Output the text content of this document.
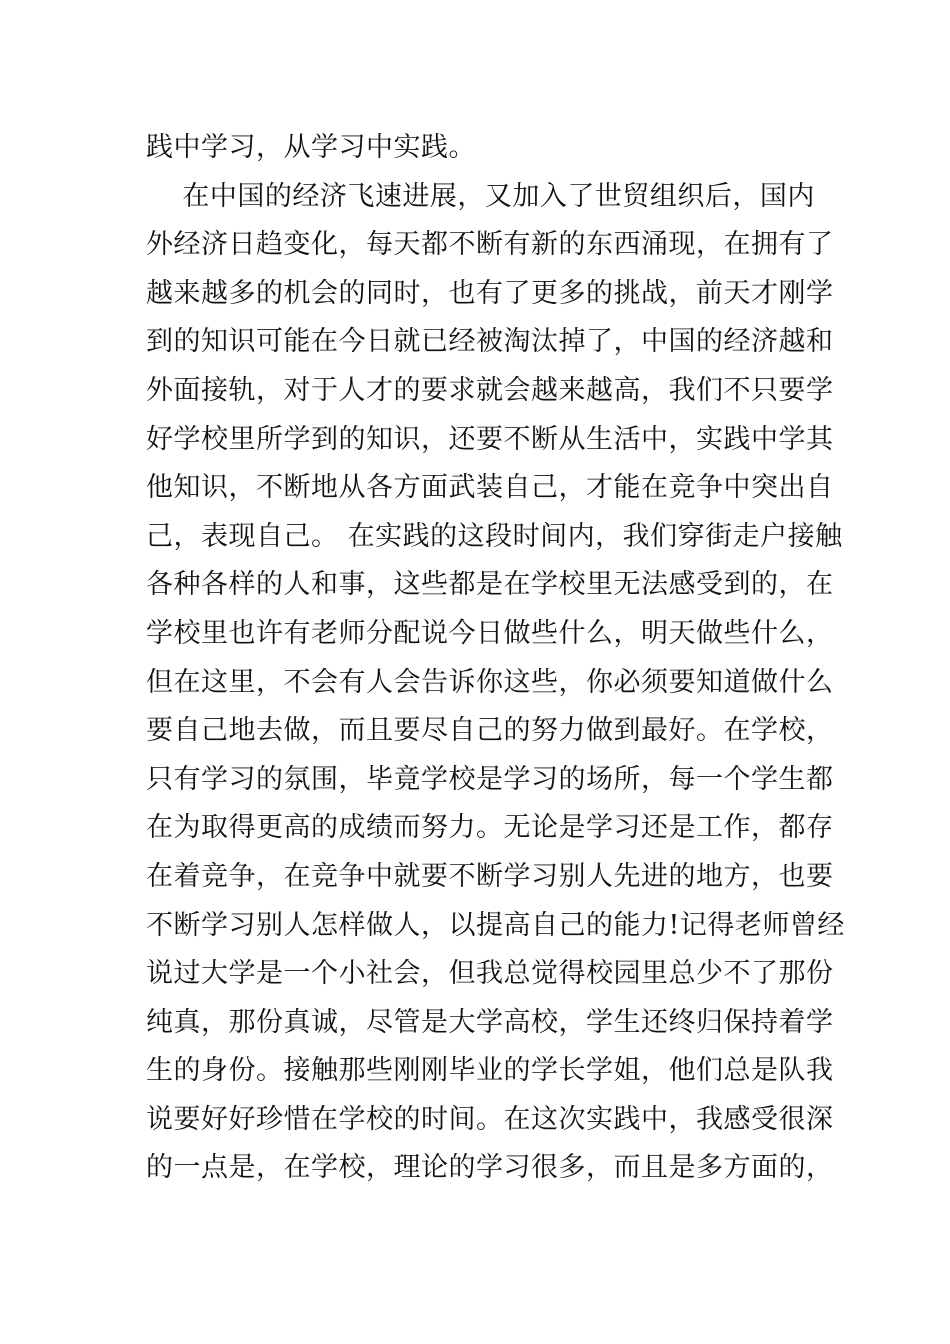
践中学习，从学习中实践。
在中国的经济飞速进展，又加入了世贸组织后，国内
外经济日趋变化，每天都不断有新的东西涌现，在拥有了
越来越多的机会的同时，也有了更多的挑战，前天才刚学
到的知识可能在今日就已经被淘汰掉了，中国的经济越和
外面接轨，对于人才的要求就会越来越高，我们不只要学
好学校里所学到的知识，还要不断从生活中，实践中学其
他知识，不断地从各方面武装自己，才能在竞争中突出自
己，表现自己。 在实践的这段时间内，我们穿街走户接触
各种各样的人和事，这些都是在学校里无法感受到的，在
学校里也许有老师分配说今日做些什么，明天做些什么，
但在这里，不会有人会告诉你这些，你必须要知道做什么
要自己地去做，而且要尽自己的努力做到最好。在学校，
只有学习的氛围，毕竟学校是学习的场所，每一个学生都
在为取得更高的成绩而努力。无论是学习还是工作，都存
在着竞争，在竞争中就要不断学习别人先进的地方，也要
不断学习别人怎样做人，以提高自己的能力!记得老师曾经
说过大学是一个小社会，但我总觉得校园里总少不了那份
纯真，那份真诚，尽管是大学高校，学生还终归保持着学
生的身份。接触那些刚刚毕业的学长学姐，他们总是队我
说要好好珍惜在学校的时间。在这次实践中，我感受很深
的一点是，在学校，理论的学习很多，而且是多方面的，
